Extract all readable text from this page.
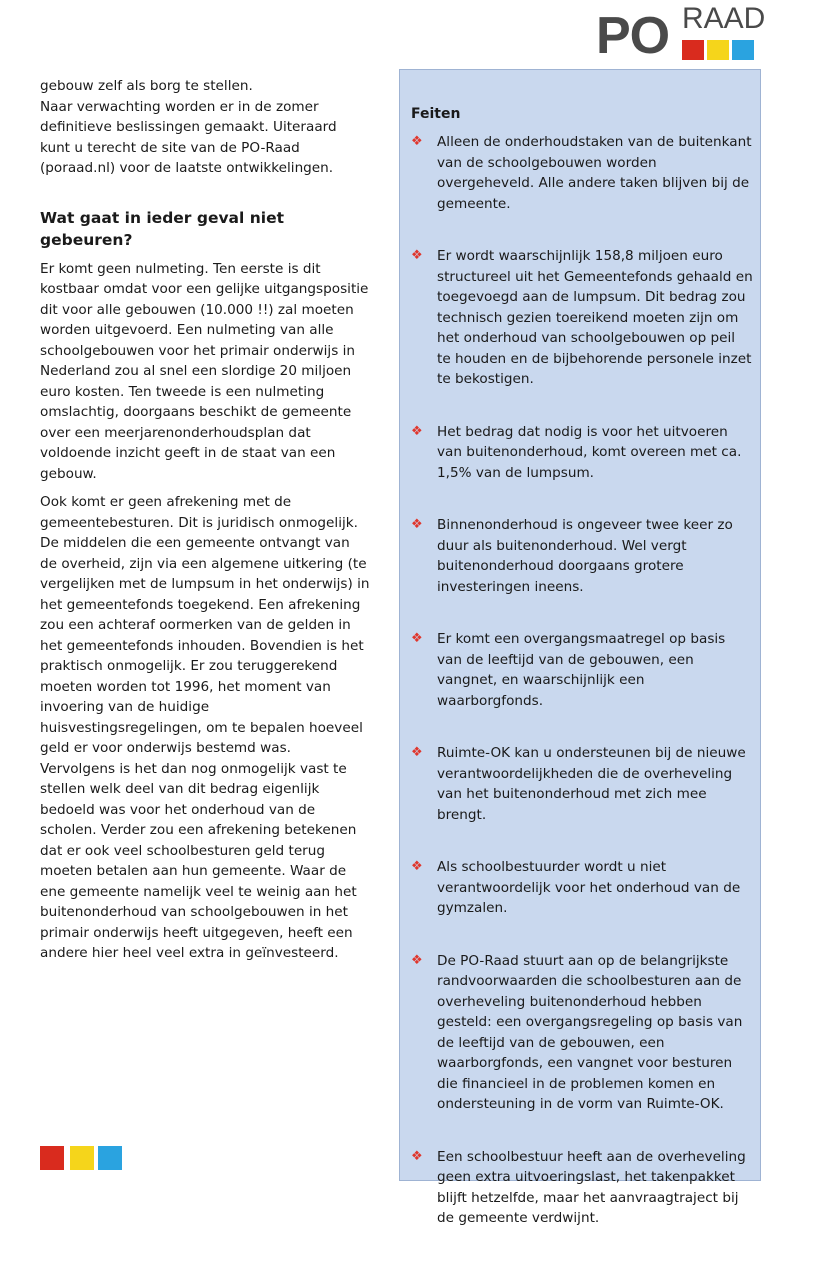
PO RAAD

gebouw zelf als borg te stellen.
Naar verwachting worden er in de zomer definitieve beslissingen gemaakt. Uiteraard kunt u terecht de site van de PO-Raad (poraad.nl) voor de laatste ontwikkelingen.

Wat gaat in ieder geval niet gebeuren?

Er komt geen nulmeting. Ten eerste is dit kostbaar omdat voor een gelijke uitgangspositie dit voor alle gebouwen (10.000 !!) zal moeten worden uitgevoerd. Een nulmeting van alle schoolgebouwen voor het primair onderwijs in Nederland zou al snel een slordige 20 miljoen euro kosten. Ten tweede is een nulmeting omslachtig, doorgaans beschikt de gemeente over een meerjarenonderhoudsplan dat voldoende inzicht geeft in de staat van een gebouw.

Ook komt er geen afrekening met de gemeentebesturen. Dit is juridisch onmogelijk. De middelen die een gemeente ontvangt van de overheid, zijn via een algemene uitkering (te vergelijken met de lumpsum in het onderwijs) in het gemeentefonds toegekend. Een afrekening zou een achteraf oormerken van de gelden in het gemeentefonds inhouden. Bovendien is het praktisch onmogelijk. Er zou teruggerekend moeten worden tot 1996, het moment van invoering van de huidige huisvestingsregelingen, om te bepalen hoeveel geld er voor onderwijs bestemd was. Vervolgens is het dan nog onmogelijk vast te stellen welk deel van dit bedrag eigenlijk bedoeld was voor het onderhoud van de scholen. Verder zou een afrekening betekenen dat er ook veel schoolbesturen geld terug moeten betalen aan hun gemeente. Waar de ene gemeente namelijk veel te weinig aan het buitenonderhoud van schoolgebouwen in het primair onderwijs heeft uitgegeven, heeft een andere hier heel veel extra in geïnvesteerd.

Feiten
❖	Alleen de onderhoudstaken van de buitenkant van de schoolgebouwen worden overgeheveld. Alle andere taken blijven bij de gemeente.
❖	Er wordt waarschijnlijk 158,8 miljoen euro structureel uit het Gemeentefonds gehaald en toegevoegd aan de lumpsum. Dit bedrag zou technisch gezien toereikend moeten zijn om het onderhoud van schoolgebouwen op peil te houden en de bijbehorende personele inzet te bekostigen.
❖	Het bedrag dat nodig is voor het uitvoeren van buitenonderhoud, komt overeen met ca. 1,5% van de lumpsum.
❖	Binnenonderhoud is ongeveer twee keer zo duur als buitenonderhoud. Wel vergt buitenonderhoud doorgaans grotere investeringen ineens.
❖	Er komt een overgangsmaatregel op basis van de leeftijd van de gebouwen, een vangnet, en waarschijnlijk een waarborgfonds.
❖	Ruimte-OK kan u ondersteunen bij de nieuwe verantwoordelijkheden die de overheveling van het buitenonderhoud met zich mee brengt.
❖	Als schoolbestuurder wordt u niet verantwoordelijk voor het onderhoud van de gymzalen.
❖	De PO-Raad stuurt aan op de belangrijkste randvoorwaarden die schoolbesturen aan de overheveling buitenonderhoud hebben gesteld: een overgangsregeling op basis van de leeftijd van de gebouwen, een waarborgfonds, een vangnet voor besturen die financieel in de problemen komen en ondersteuning in de vorm van Ruimte-OK.
❖	Een schoolbestuur heeft aan de overheveling geen extra uitvoeringslast, het takenpakket blijft hetzelfde, maar het aanvraagtraject bij de gemeente verdwijnt.
